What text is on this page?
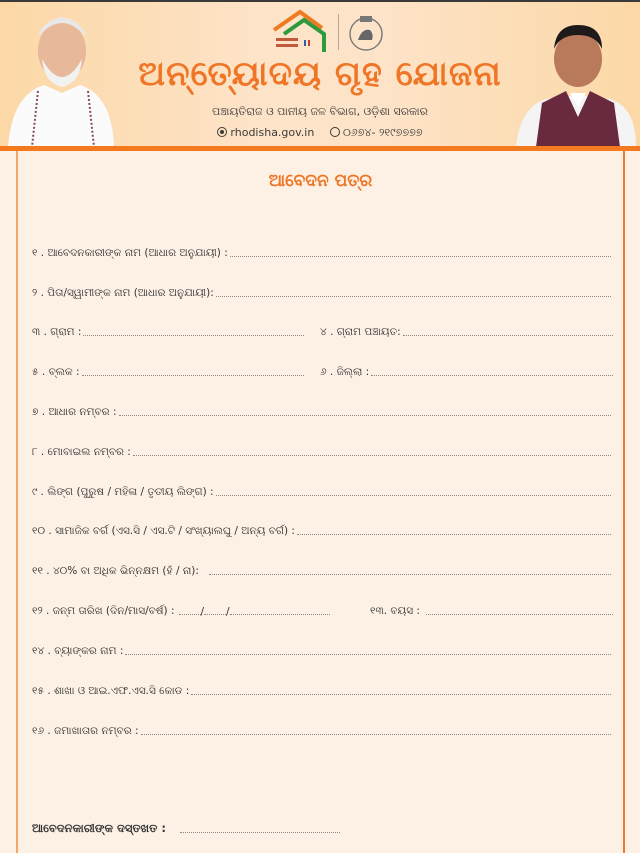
ଅନ୍ତ୍ୟୋଦୟ ଗୃହ ଯୋଜନା
ପଞ୍ଚାୟତିରାଜ ଓ ପାନୀୟ ଜଳ ବିଭାଗ, ଓଡ଼ିଶା ସରକାର
rhodisha.gov.in	୦୬୭୪- ୨୧୯୭୭୭୭
ଆବେଦନ ପତ୍ର
୧ . ଆବେଦନକାରୀଙ୍କ ନାମ (ଆଧାର ଅନୁଯାୟୀ) :
୨ . ପିତା/ସ୍ୱାମୀଙ୍କ ନାମ (ଆଧାର ଅନୁଯାୟୀ):
୩ . ଗ୍ରାମ :	୪ . ଗ୍ରାମ ପଞ୍ଚାୟତ:
୫ . ବ୍ଲକ :	୬ . ଜିଲ୍ଲା :
୭ . ଆଧାର ନମ୍ବର :
୮ . ମୋବାଇଲ ନମ୍ବର :
୯ . ଲିଙ୍ଗ (ପୁରୁଷ / ମହିଳା / ତୃତୀୟ ଲିଙ୍ଗ) :
୧୦ . ସାମାଜିକ ବର୍ଗ (ଏସ.ସି / ଏସ.ଟି / ସଂଖ୍ୟାଲଘୁ / ଅନ୍ୟ ବର୍ଗ) :
୧୧ . ୪୦% ବା ଅଧିକ ଭିନ୍ନକ୍ଷମ (ହଁ / ନା):
୧୨ . ଜନ୍ମ ତାରିଖ (ଦିନ/ମାସ/ବର୍ଷ) : / /	୧୩. ବୟସ :
୧୪ . ବ୍ୟାଙ୍କର ନାମ :
୧୫ . ଶାଖା ଓ ଆଇ.ଏଫ.ଏସ.ସି କୋଡ :
୧୬ . ଜମାଖାତାର ନମ୍ବର :
ଆବେଦନକାରୀଙ୍କ ଦସ୍ତଖତ :
